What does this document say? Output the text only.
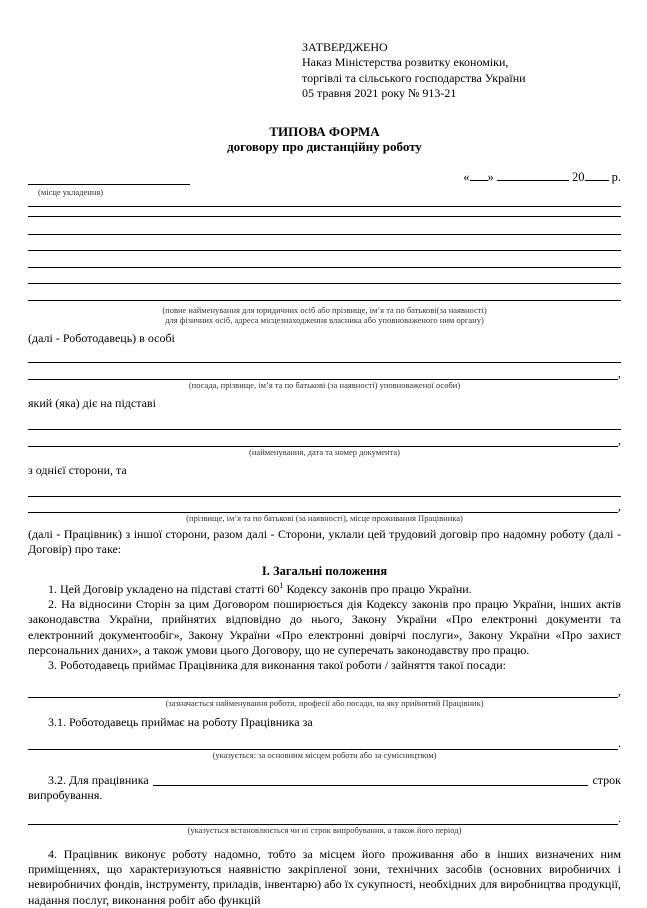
ЗАТВЕРДЖЕНО
Наказ Міністерства розвитку економіки,
торгівлі та сільського господарства України
05 травня 2021 року № 913-21
ТИПОВА ФОРМА
договору про дистанційну роботу
« »	20 р.
(місце укладення)
(повне найменування для юридичних осіб або прізвище, ім’я та по батькові(за наявності)
для фізичних осіб, адреса місцезнаходження власника або уповноваженого ним органу)
(далі - Роботодавець) в особі
,
(посада, прізвище, ім’я та по батькові (за наявності) уповноваженої особи)
який (яка) діє на підставі
,
(найменування, дата та номер документа)
з однієї сторони, та
,
(прізвище, ім’я та по батькові (за наявності), місце проживання Працівника)
(далі - Працівник) з іншої сторони, разом далі - Сторони, уклали цей трудовий договір про надомну роботу (далі - Договір) про таке:
I. Загальні положення
1. Цей Договір укладено на підставі статті $60^1$ Кодексу законів про працю України.
2. На відносини Сторін за цим Договором поширюється дія Кодексу законів про працю України, інших актів законодавства України, прийнятих відповідно до нього, Закону України «Про електронні документи та електронний документообіг», Закону України «Про електронні довірчі послуги», Закону України «Про захист персональних даних», а також умови цього Договору, що не суперечать законодавству про працю.
3. Роботодавець приймає Працівника для виконання такої роботи / зайняття такої посади:
,
(зазначається найменування роботи, професії або посади, на яку прийнятий Працівник)
3.1. Роботодавець приймає на роботу Працівника за
.
(указується: за основним місцем роботи або за сумісництвом)
3.2. Для працівника	строк
випробування.
.
(указується встановлюється чи ні строк випробування, а також його період)
4. Працівник виконує роботу надомно, тобто за місцем його проживання або в інших визначених ним приміщеннях, що характеризуються наявністю закріпленої зони, технічних засобів (основних виробничих і невиробничих фондів, інструменту, приладів, інвентарю) або їх сукупності, необхідних для виробництва продукції, надання послуг, виконання робіт або функцій
